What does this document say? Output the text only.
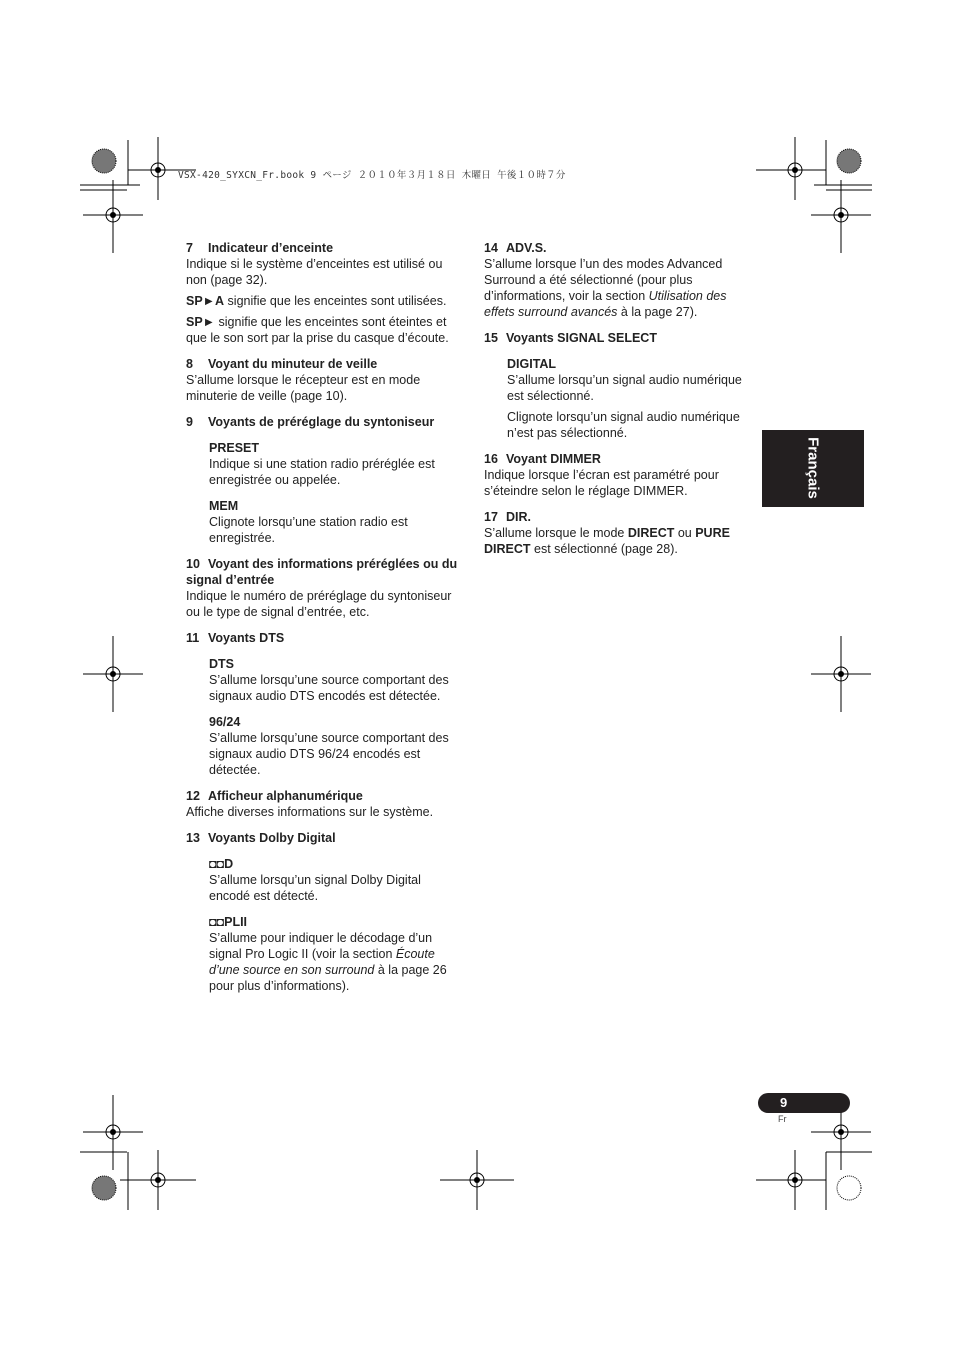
VSX-420_SYXCN_Fr.book 9 ページ ２０１０年３月１８日 木曜日 午後１０時７分

7 Indicateur d’enceinte

Indique si le système d’enceintes est utilisé ou non (page 32).

SP►A signifie que les enceintes sont utilisées.

SP► signifie que les enceintes sont éteintes et que le son sort par la prise du casque d’écoute.

8 Voyant du minuteur de veille

S’allume lorsque le récepteur est en mode minuterie de veille (page 10).

9 Voyants de préréglage du syntoniseur

PRESET

Indique si une station radio préréglée est enregistrée ou appelée.

MEM

Clignote lorsqu’une station radio est enregistrée.

10 Voyant des informations préréglées ou du signal d’entrée

Indique le numéro de préréglage du syntoniseur ou le type de signal d’entrée, etc.

11 Voyants DTS

DTS

S’allume lorsqu’une source comportant des signaux audio DTS encodés est détectée.

96/24

S’allume lorsqu’une source comportant des signaux audio DTS 96/24 encodés est détectée.

12 Afficheur alphanumérique

Affiche diverses informations sur le système.

13 Voyants Dolby Digital

◘◘D

S’allume lorsqu’un signal Dolby Digital encodé est détecté.

◘◘PLII

S’allume pour indiquer le décodage d’un signal Pro Logic II (voir la section Écoute d’une source en son surround à la page 26 pour plus d’informations).

14 ADV.S.

S’allume lorsque l’un des modes Advanced Surround a été sélectionné (pour plus d’informations, voir la section Utilisation des effets surround avancés à la page 27).

15 Voyants SIGNAL SELECT

DIGITAL

S’allume lorsqu’un signal audio numérique est sélectionné.

Clignote lorsqu’un signal audio numérique n’est pas sélectionné.

16 Voyant DIMMER

Indique lorsque l’écran est paramétré pour s’éteindre selon le réglage DIMMER.

17 DIR.

S’allume lorsque le mode DIRECT ou PURE DIRECT est sélectionné (page 28).

Français
9
Fr
